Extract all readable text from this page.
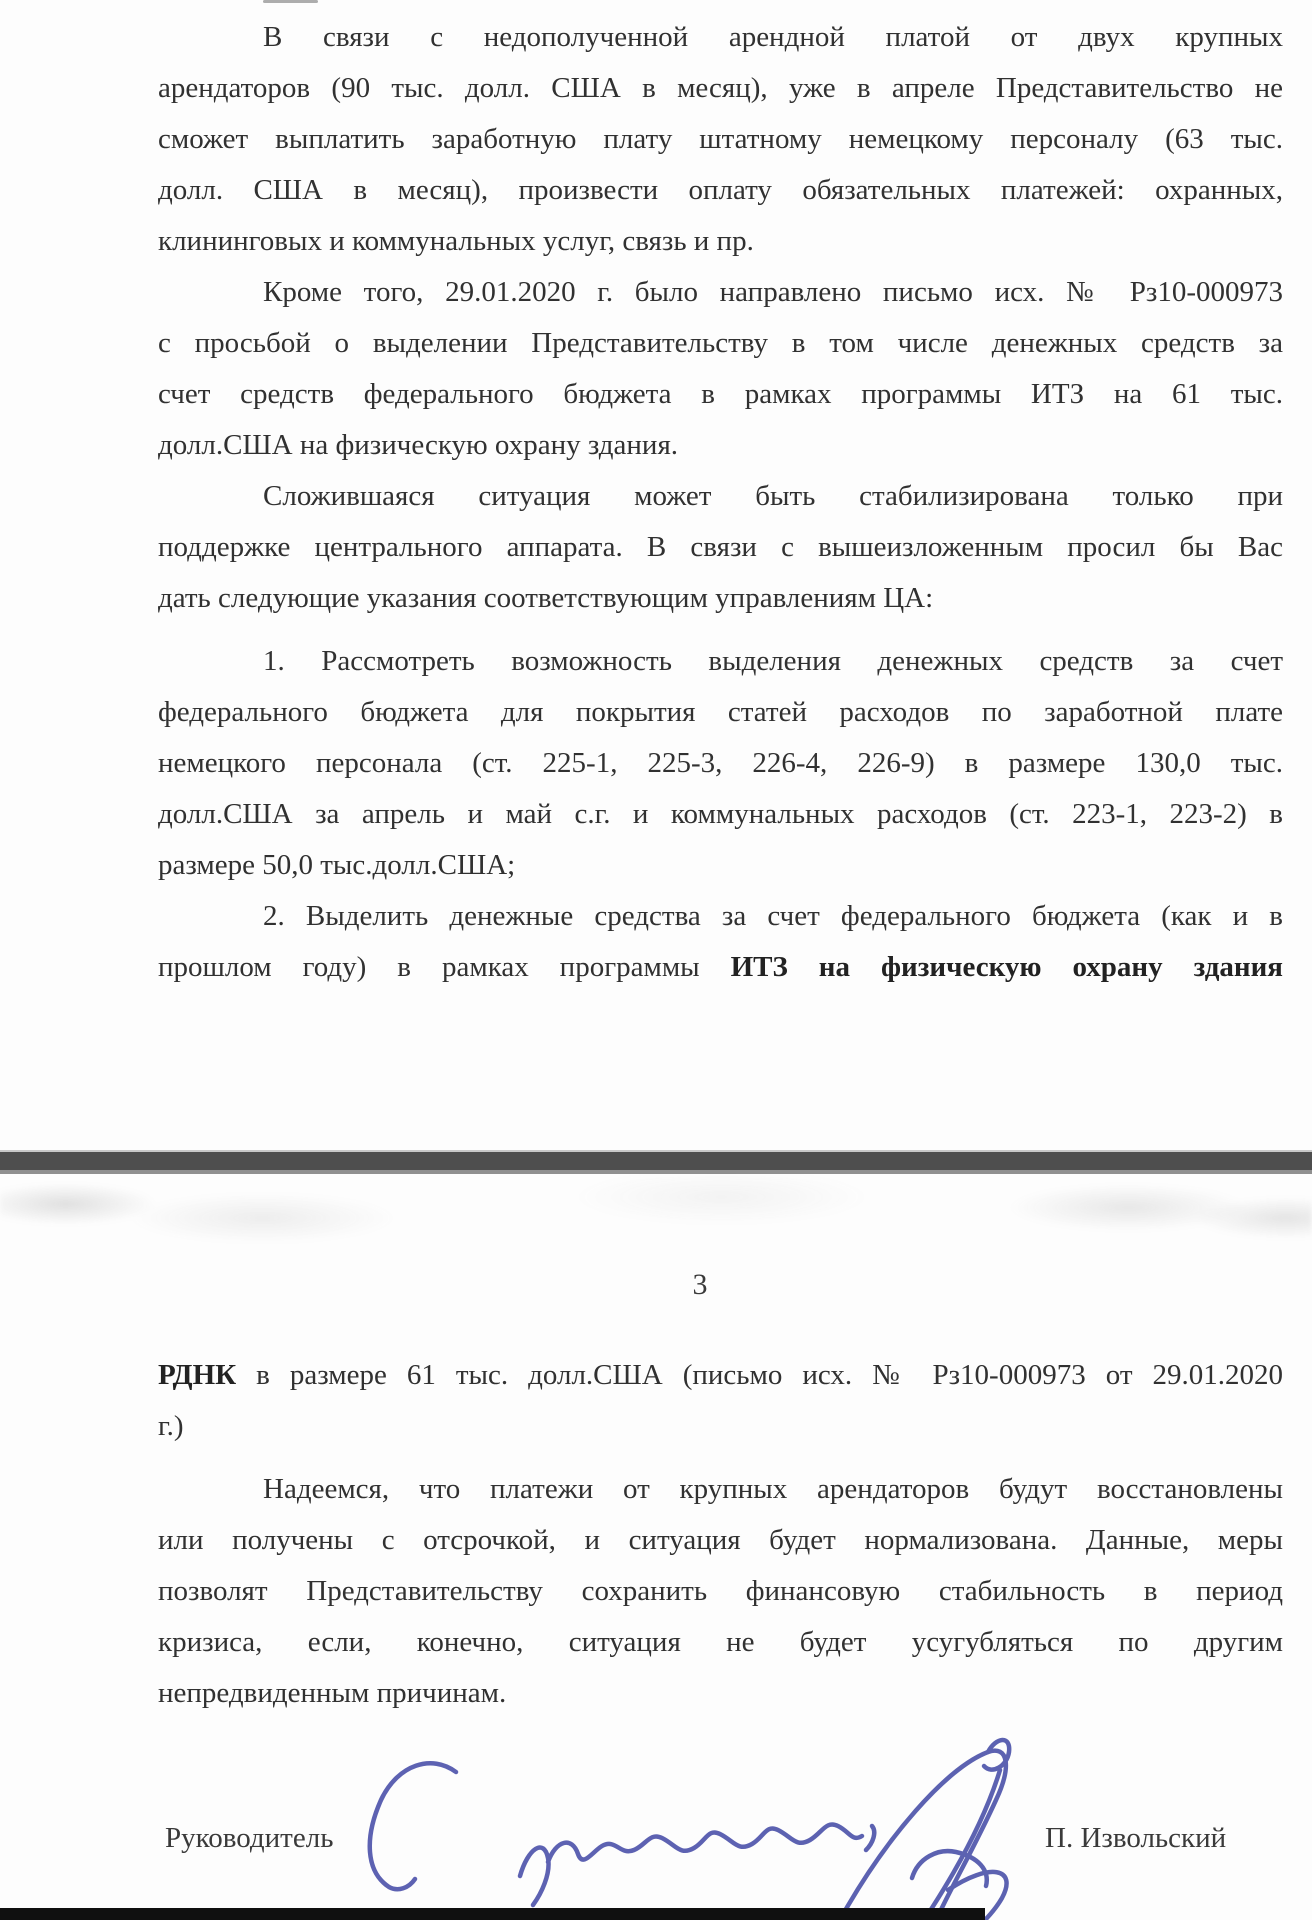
В связи с недополученной арендной платой от двух крупных
арендаторов (90 тыс. долл. США в месяц), уже в апреле Представительство не
сможет выплатить заработную плату штатному немецкому персоналу (63 тыс.
долл. США в месяц), произвести оплату обязательных платежей: охранных,
клининговых и коммунальных услуг, связь и пр.
Кроме того, 29.01.2020 г. было направлено письмо исх. № Рз10-000973
с просьбой о выделении Представительству в том числе денежных средств за
счет средств федерального бюджета в рамках программы ИТЗ на 61 тыс.
долл.США на физическую охрану здания.
Сложившаяся ситуация может быть стабилизирована только при
поддержке центрального аппарата. В связи с вышеизложенным просил бы Вас
дать следующие указания соответствующим управлениям ЦА:
1. Рассмотреть возможность выделения денежных средств за счет
федерального бюджета для покрытия статей расходов по заработной плате
немецкого персонала (ст. 225-1, 225-3, 226-4, 226-9) в размере 130,0 тыс.
долл.США за апрель и май с.г. и коммунальных расходов (ст. 223-1, 223-2) в
размере 50,0 тыс.долл.США;
2. Выделить денежные средства за счет федерального бюджета (как и в
прошлом году) в рамках программы ИТЗ на физическую охрану здания
3
РДНК в размере 61 тыс. долл.США (письмо исх. № Рз10-000973 от 29.01.2020
г.)
Надеемся, что платежи от крупных арендаторов будут восстановлены
или получены с отсрочкой, и ситуация будет нормализована. Данные, меры
позволят Представительству сохранить финансовую стабильность в период
кризиса, если, конечно, ситуация не будет усугубляться по другим
непредвиденным причинам.
Руководитель	П. Извольский
